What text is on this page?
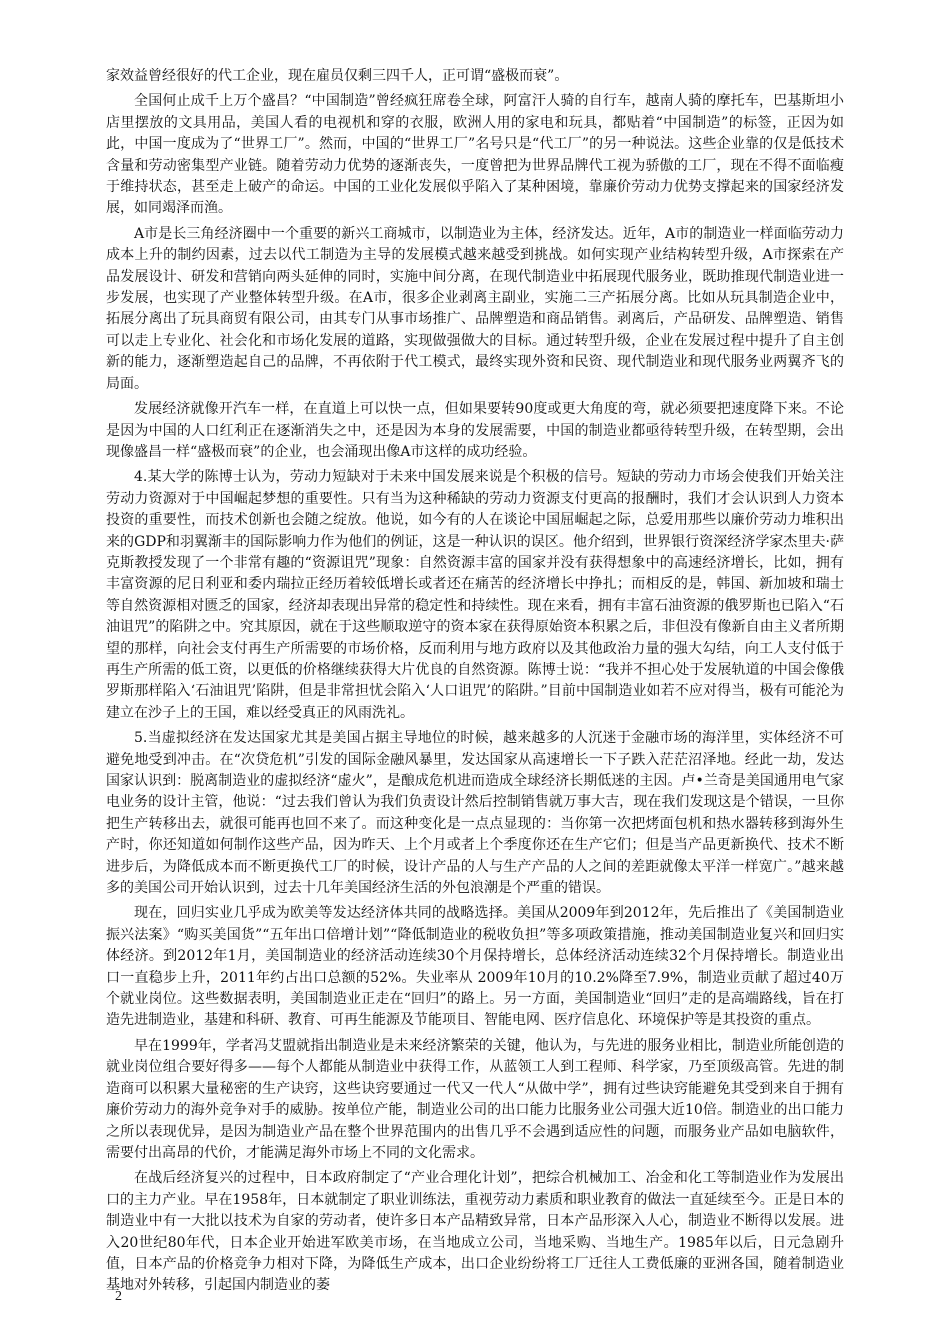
家效益曾经很好的代工企业，现在雇员仅剩三四千人，正可谓“盛极而衰”。

全国何止成千上万个盛昌？“中国制造”曾经疯狂席卷全球，阿富汗人骑的自行车，越南人骑的摩托车，巴基斯坦小店里摆放的文具用品，美国人看的电视机和穿的衣服，欧洲人用的家电和玩具，都贴着“中国制造”的标签，正因为如此，中国一度成为了“世界工厂”。然而，中国的“世界工厂”名号只是“代工厂”的另一种说法。这些企业靠的仅是低技术含量和劳动密集型产业链。随着劳动力优势的逐渐丧失，一度曾把为世界品牌代工视为骄傲的工厂，现在不得不面临瘦于维持状态，甚至走上破产的命运。中国的工业化发展似乎陷入了某种困境，靠廉价劳动力优势支撑起来的国家经济发展，如同竭泽而渔。

A市是长三角经济圈中一个重要的新兴工商城市，以制造业为主体，经济发达。近年，A市的制造业一样面临劳动力成本上升的制约因素，过去以代工制造为主导的发展模式越来越受到挑战。如何实现产业结构转型升级，A市探索在产品发展设计、研发和营销向两头延伸的同时，实施中间分离，在现代制造业中拓展现代服务业，既助推现代制造业进一步发展，也实现了产业整体转型升级。在A市，很多企业剥离主副业，实施二三产拓展分离。比如从玩具制造企业中，拓展分离出了玩具商贸有限公司，由其专门从事市场推广、品牌塑造和商品销售。剥离后，产品研发、品牌塑造、销售可以走上专业化、社会化和市场化发展的道路，实现做强做大的目标。通过转型升级，企业在发展过程中提升了自主创新的能力，逐渐塑造起自己的品牌，不再依附于代工模式，最终实现外资和民资、现代制造业和现代服务业两翼齐飞的局面。

发展经济就像开汽车一样，在直道上可以快一点，但如果要转90度或更大角度的弯，就必须要把速度降下来。不论是因为中国的人口红利正在逐渐消失之中，还是因为本身的发展需要，中国的制造业都亟待转型升级，在转型期，会出现像盛昌一样“盛极而衰”的企业，也会涌现出像A市这样的成功经验。

4.某大学的陈博士认为，劳动力短缺对于未来中国发展来说是个积极的信号。短缺的劳动力市场会使我们开始关注劳动力资源对于中国崛起梦想的重要性。只有当为这种稀缺的劳动力资源支付更高的报酬时，我们才会认识到人力资本投资的重要性，而技术创新也会随之绽放。他说，如今有的人在谈论中国屈崛起之际，总爱用那些以廉价劳动力堆积出来的GDP和羽翼渐丰的国际影响力作为他们的例证，这是一种认识的误区。他介绍到，世界银行资深经济学家杰里夫·萨克斯教授发现了一个非常有趣的“资源诅咒”现象：自然资源丰富的国家并没有获得想象中的高速经济增长，比如，拥有丰富资源的尼日利亚和委内瑞拉正经历着较低增长或者还在痛苦的经济增长中挣扎；而相反的是，韩国、新加坡和瑞士等自然资源相对匮乏的国家，经济却表现出异常的稳定性和持续性。现在来看，拥有丰富石油资源的俄罗斯也已陷入“石油诅咒”的陷阱之中。究其原因，就在于这些顺取逆守的资本家在获得原始资本积累之后，非但没有像新自由主义者所期望的那样，向社会支付再生产所需要的市场价格，反而利用与地方政府以及其他政治力量的强大勾结，向工人支付低于再生产所需的低工资，以更低的价格继续获得大片优良的自然资源。陈博士说：“我并不担心处于发展轨道的中国会像俄罗斯那样陷入‘石油诅咒’陷阱，但是非常担忧会陷入‘人口诅咒’的陷阱。”目前中国制造业如若不应对得当，极有可能沦为建立在沙子上的王国，难以经受真正的风雨洗礼。

5.当虚拟经济在发达国家尤其是美国占据主导地位的时候，越来越多的人沉迷于金融市场的海洋里，实体经济不可避免地受到冲击。在“次贷危机”引发的国际金融风暴里，发达国家从高速增长一下子跌入茫茫沼泽地。经此一劫，发达国家认识到：脱离制造业的虚拟经济“虚火”，是酿成危机进而造成全球经济长期低迷的主因。卢•兰奇是美国通用电气家电业务的设计主管，他说：“过去我们曾认为我们负责设计然后控制销售就万事大吉，现在我们发现这是个错误，一旦你把生产转移出去，就很可能再也回不来了。而这种变化是一点点显现的：当你第一次把烤面包机和热水器转移到海外生产时，你还知道如何制作这些产品，因为昨天、上个月或者上个季度你还在生产它们；但是当产品更新换代、技术不断进步后，为降低成本而不断更换代工厂的时候，设计产品的人与生产产品的人之间的差距就像太平洋一样宽广。”越来越多的美国公司开始认识到，过去十几年美国经济生活的外包浪潮是个严重的错误。

现在，回归实业几乎成为欧美等发达经济体共同的战略选择。美国从2009年到2012年，先后推出了《美国制造业振兴法案》“购买美国货”“五年出口倍增计划”“降低制造业的税收负担”等多项政策措施，推动美国制造业复兴和回归实体经济。到2012年1月，美国制造业的经济活动连续30个月保持增长，总体经济活动连续32个月保持增长。制造业出口一直稳步上升，2011年约占出口总额的52%。失业率从 2009年10月的10.2%降至7.9%，制造业贡献了超过40万个就业岗位。这些数据表明，美国制造业正走在“回归”的路上。另一方面，美国制造业“回归”走的是高端路线，旨在打造先进制造业，基建和科研、教育、可再生能源及节能项目、智能电网、医疗信息化、环境保护等是其投资的重点。

早在1999年，学者冯艾盟就指出制造业是未来经济繁荣的关键，他认为，与先进的服务业相比，制造业所能创造的就业岗位组合要好得多——每个人都能从制造业中获得工作，从蓝领工人到工程师、科学家，乃至顶级高管。先进的制造商可以积累大量秘密的生产诀窍，这些诀窍要通过一代又一代人“从做中学”，拥有过些诀窍能避免其受到来自于拥有廉价劳动力的海外竞争对手的威胁。按单位产能，制造业公司的出口能力比服务业公司强大近10倍。制造业的出口能力之所以表现优异，是因为制造业产品在整个世界范围内的出售几乎不会遇到适应性的问题，而服务业产品如电脑软件，需要付出高昂的代价，才能满足海外市场上不同的文化需求。

在战后经济复兴的过程中，日本政府制定了“产业合理化计划”，把综合机械加工、冶金和化工等制造业作为发展出口的主力产业。早在1958年，日本就制定了职业训练法，重视劳动力素质和职业教育的做法一直延续至今。正是日本的制造业中有一大批以技术为自家的劳动者，使许多日本产品精致异常，日本产品形深入人心，制造业不断得以发展。进入20世纪80年代，日本企业开始进军欧美市场，在当地成立公司，当地采购、当地生产。1985年以后，日元急剧升值，日本产品的价格竞争力相对下降，为降低生产成本，出口企业纷纷将工厂迁往人工费低廉的亚洲各国，随着制造业基地对外转移，引起国内制造业的萎

2
